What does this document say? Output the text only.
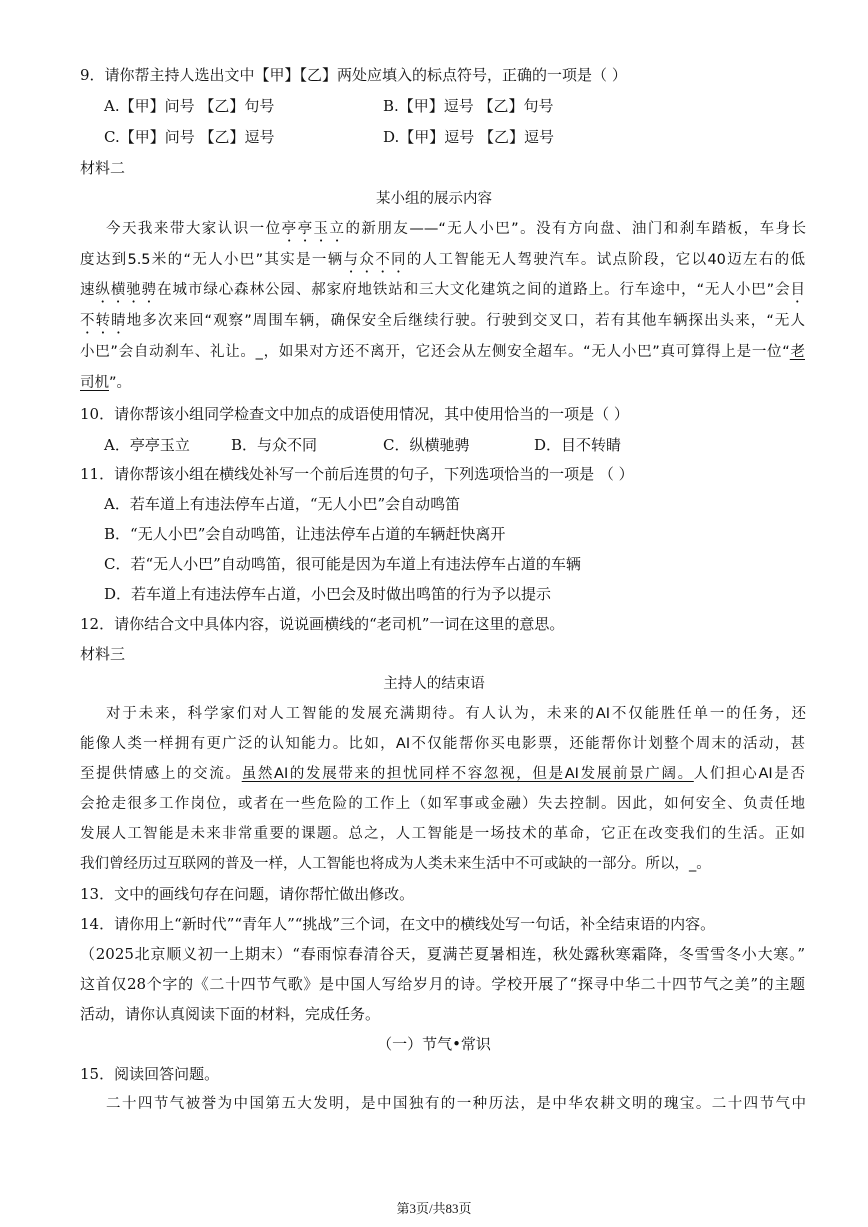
9．请你帮主持人选出文中【甲】【乙】两处应填入的标点符号，正确的一项是（ ）
A.【甲】问号 【乙】句号	B.【甲】逗号 【乙】句号
C.【甲】问号 【乙】逗号	D.【甲】逗号 【乙】逗号
材料二
某小组的展示内容
今天我来带大家认识一位亭亭玉立的新朋友——“无人小巴”。没有方向盘、油门和刹车踏板，车身长
度达到5.5米的“无人小巴”其实是一辆与众不同的人工智能无人驾驶汽车。试点阶段，它以40迈左右的低
速纵横驰骋在城市绿心森林公园、郝家府地铁站和三大文化建筑之间的道路上。行车途中，“无人小巴”会目
不转睛地多次来回“观察”周围车辆，确保安全后继续行驶。行驶到交叉口，若有其他车辆探出头来，“无人
小巴”会自动刹车、礼让。_，如果对方还不离开，它还会从左侧安全超车。“无人小巴”真可算得上是一位“老
司机”。
10．请你帮该小组同学检查文中加点的成语使用情况，其中使用恰当的一项是（ ）
A．亭亭玉立	B．与众不同	C．纵横驰骋	D．目不转睛
11．请你帮该小组在横线处补写一个前后连贯的句子，下列选项恰当的一项是 （ ）
A．若车道上有违法停车占道，“无人小巴”会自动鸣笛
B．“无人小巴”会自动鸣笛，让违法停车占道的车辆赶快离开
C．若“无人小巴”自动鸣笛，很可能是因为车道上有违法停车占道的车辆
D．若车道上有违法停车占道，小巴会及时做出鸣笛的行为予以提示
12．请你结合文中具体内容，说说画横线的“老司机”一词在这里的意思。
材料三
主持人的结束语
对于未来，科学家们对人工智能的发展充满期待。有人认为，未来的AI不仅能胜任单一的任务，还
能像人类一样拥有更广泛的认知能力。比如，AI不仅能帮你买电影票，还能帮你计划整个周末的活动，甚
至提供情感上的交流。虽然AI的发展带来的担忧同样不容忽视，但是AI发展前景广阔。人们担心AI是否
会抢走很多工作岗位，或者在一些危险的工作上（如军事或金融）失去控制。因此，如何安全、负责任地
发展人工智能是未来非常重要的课题。总之，人工智能是一场技术的革命，它正在改变我们的生活。正如
我们曾经历过互联网的普及一样，人工智能也将成为人类未来生活中不可或缺的一部分。所以，_。
13．文中的画线句存在问题，请你帮忙做出修改。
14．请你用上“新时代”“青年人”“挑战”三个词，在文中的横线处写一句话，补全结束语的内容。
（2025北京顺义初一上期末）“春雨惊春清谷天，夏满芒夏暑相连，秋处露秋寒霜降，冬雪雪冬小大寒。”
这首仅28个字的《二十四节气歌》是中国人写给岁月的诗。学校开展了“探寻中华二十四节气之美”的主题
活动，请你认真阅读下面的材料，完成任务。
（一）节气•常识
15．阅读回答问题。
二十四节气被誉为中国第五大发明，是中国独有的一种历法，是中华农耕文明的瑰宝。二十四节气中
第3页/共83页
